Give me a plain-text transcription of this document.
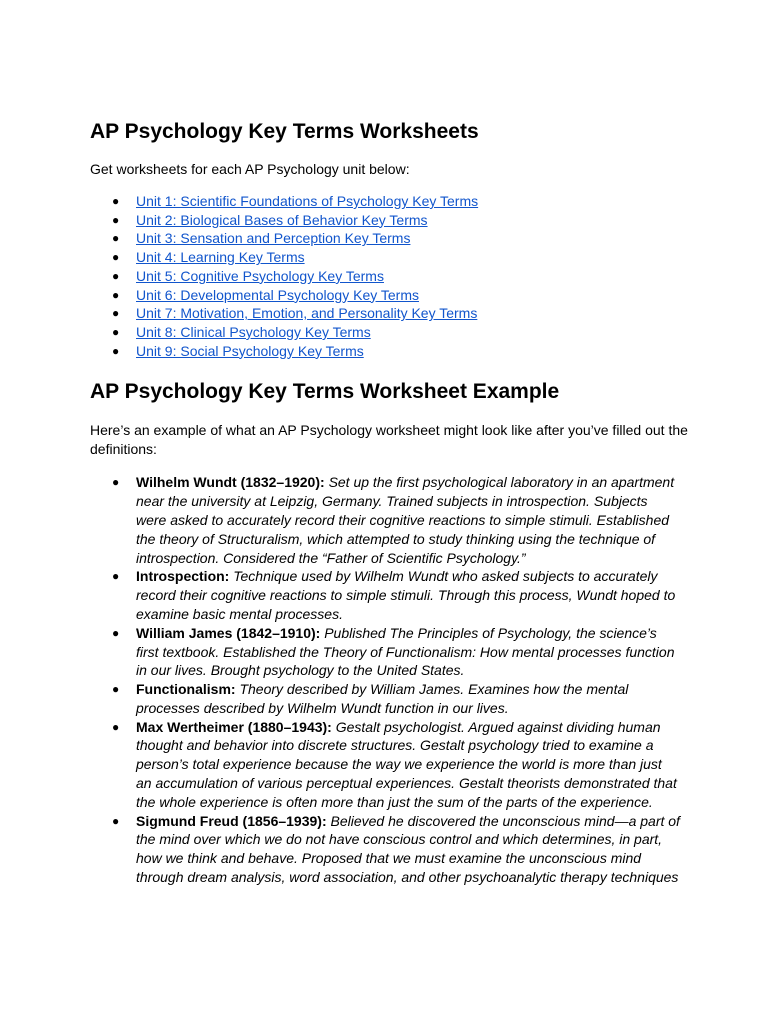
AP Psychology Key Terms Worksheets

Get worksheets for each AP Psychology unit below:

● Unit 1: Scientific Foundations of Psychology Key Terms
● Unit 2: Biological Bases of Behavior Key Terms
● Unit 3: Sensation and Perception Key Terms
● Unit 4: Learning Key Terms
● Unit 5: Cognitive Psychology Key Terms
● Unit 6: Developmental Psychology Key Terms
● Unit 7: Motivation, Emotion, and Personality Key Terms
● Unit 8: Clinical Psychology Key Terms
● Unit 9: Social Psychology Key Terms
AP Psychology Key Terms Worksheet Example

Here’s an example of what an AP Psychology worksheet might look like after you’ve filled out the definitions:

● Wilhelm Wundt (1832–1920): Set up the first psychological laboratory in an apartment near the university at Leipzig, Germany. Trained subjects in introspection. Subjects were asked to accurately record their cognitive reactions to simple stimuli. Established the theory of Structuralism, which attempted to study thinking using the technique of introspection. Considered the “Father of Scientific Psychology.”
● Introspection: Technique used by Wilhelm Wundt who asked subjects to accurately record their cognitive reactions to simple stimuli. Through this process, Wundt hoped to examine basic mental processes.
● William James (1842–1910): Published The Principles of Psychology, the science’s first textbook. Established the Theory of Functionalism: How mental processes function in our lives. Brought psychology to the United States.
● Functionalism: Theory described by William James. Examines how the mental processes described by Wilhelm Wundt function in our lives.
● Max Wertheimer (1880–1943): Gestalt psychologist. Argued against dividing human thought and behavior into discrete structures. Gestalt psychology tried to examine a person’s total experience because the way we experience the world is more than just an accumulation of various perceptual experiences. Gestalt theorists demonstrated that the whole experience is often more than just the sum of the parts of the experience.
● Sigmund Freud (1856–1939): Believed he discovered the unconscious mind—a part of the mind over which we do not have conscious control and which determines, in part, how we think and behave. Proposed that we must examine the unconscious mind through dream analysis, word association, and other psychoanalytic therapy techniques
